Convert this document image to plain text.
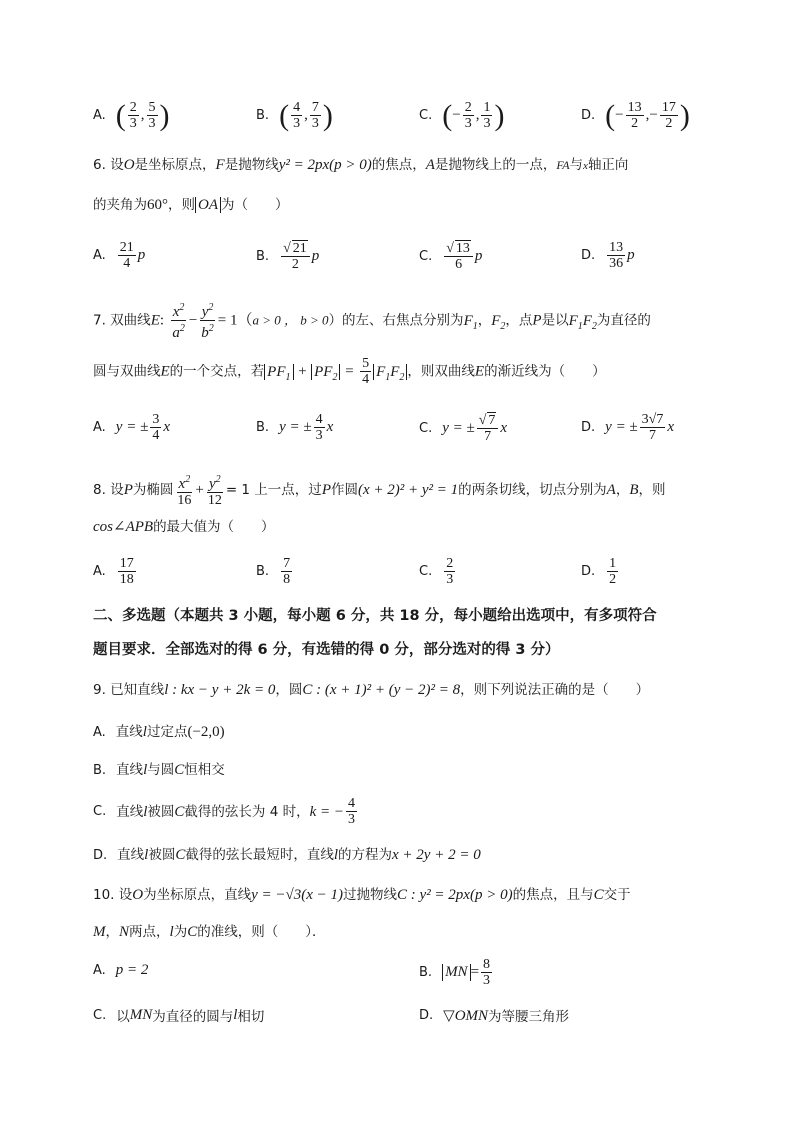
A. ( $\frac{2}{3}$ , $\frac{5}{3}$ )	B. ( $\frac{4}{3}$ , $\frac{7}{3}$ )	C. ( − $\frac{2}{3}$ , $\frac{1}{3}$ )	D. ( − $\frac{13}{2}$ , − $\frac{17}{2}$ )
6. 设O是坐标原点，F是抛物线y² = 2px(p > 0)的焦点，A是抛物线上的一点，FA与x轴正向
的夹角为60°，则 OA 为（　　）
A. $\frac{21}{4}$ p	B. $\frac{√ 21}{2}$ p	C. $\frac{√ 13}{6}$ p	D. $\frac{13}{36}$ p
7. 双曲线E: $\frac{x^2}{a^2} - \frac{y^2}{b^2} = 1(a > 0$ ， b > 0）的左、右焦点分别为$F_1$，$F_2$，点P是以$F_1F_2$为直径的
圆与双曲线E的一个交点，若 $PF_1 + PF_2 = \frac{5}{4} F_1F_2$ ，则双曲线E的渐近线为（　　）
A. y = ± $\frac{3}{4}$ x	B. y = ± $\frac{4}{3}$ x	C. y = ± $\frac{√ 7}{7}$ x	D. y = ± $\frac{3√7}{7}$ x
8. 设P为椭圆 $\frac{x^2}{16} + \frac{y^2}{12} = 1$ 上一点，过P作圆(x + 2)² + y² = 1的两条切线，切点分别为A，B，则
cos∠APB的最大值为（　　）
A. $\frac{17}{18}$	B. $\frac{7}{8}$	C. $\frac{2}{3}$	D. $\frac{1}{2}$
二、多选题（本题共 3 小题，每小题 6 分，共 18 分，每小题给出选项中，有多项符合
题目要求．全部选对的得 6 分，有选错的得 0 分，部分选对的得 3 分）
9. 已知直线l : kx − y + 2k = 0，圆C : (x + 1)² + (y − 2)² = 8，则下列说法正确的是（　　）
A. 直线l过定点(−2,0)
B. 直线l与圆C恒相交
C. 直线 l 被圆 C 截得的弦长为 4 时， k = − $\frac{4}{3}$
D. 直线l被圆C截得的弦长最短时，直线l的方程为x + 2y + 2 = 0
10. 设O为坐标原点，直线y = −√3(x − 1)过抛物线C : y² = 2px(p > 0)的焦点，且与C交于
M，N两点，l为C的准线，则（　　）．
A. p = 2	B. MN = $\frac{8}{3}$
C. 以 MN 为直径的圆与 l 相切	D. ▽OMN 为等腰三角形
